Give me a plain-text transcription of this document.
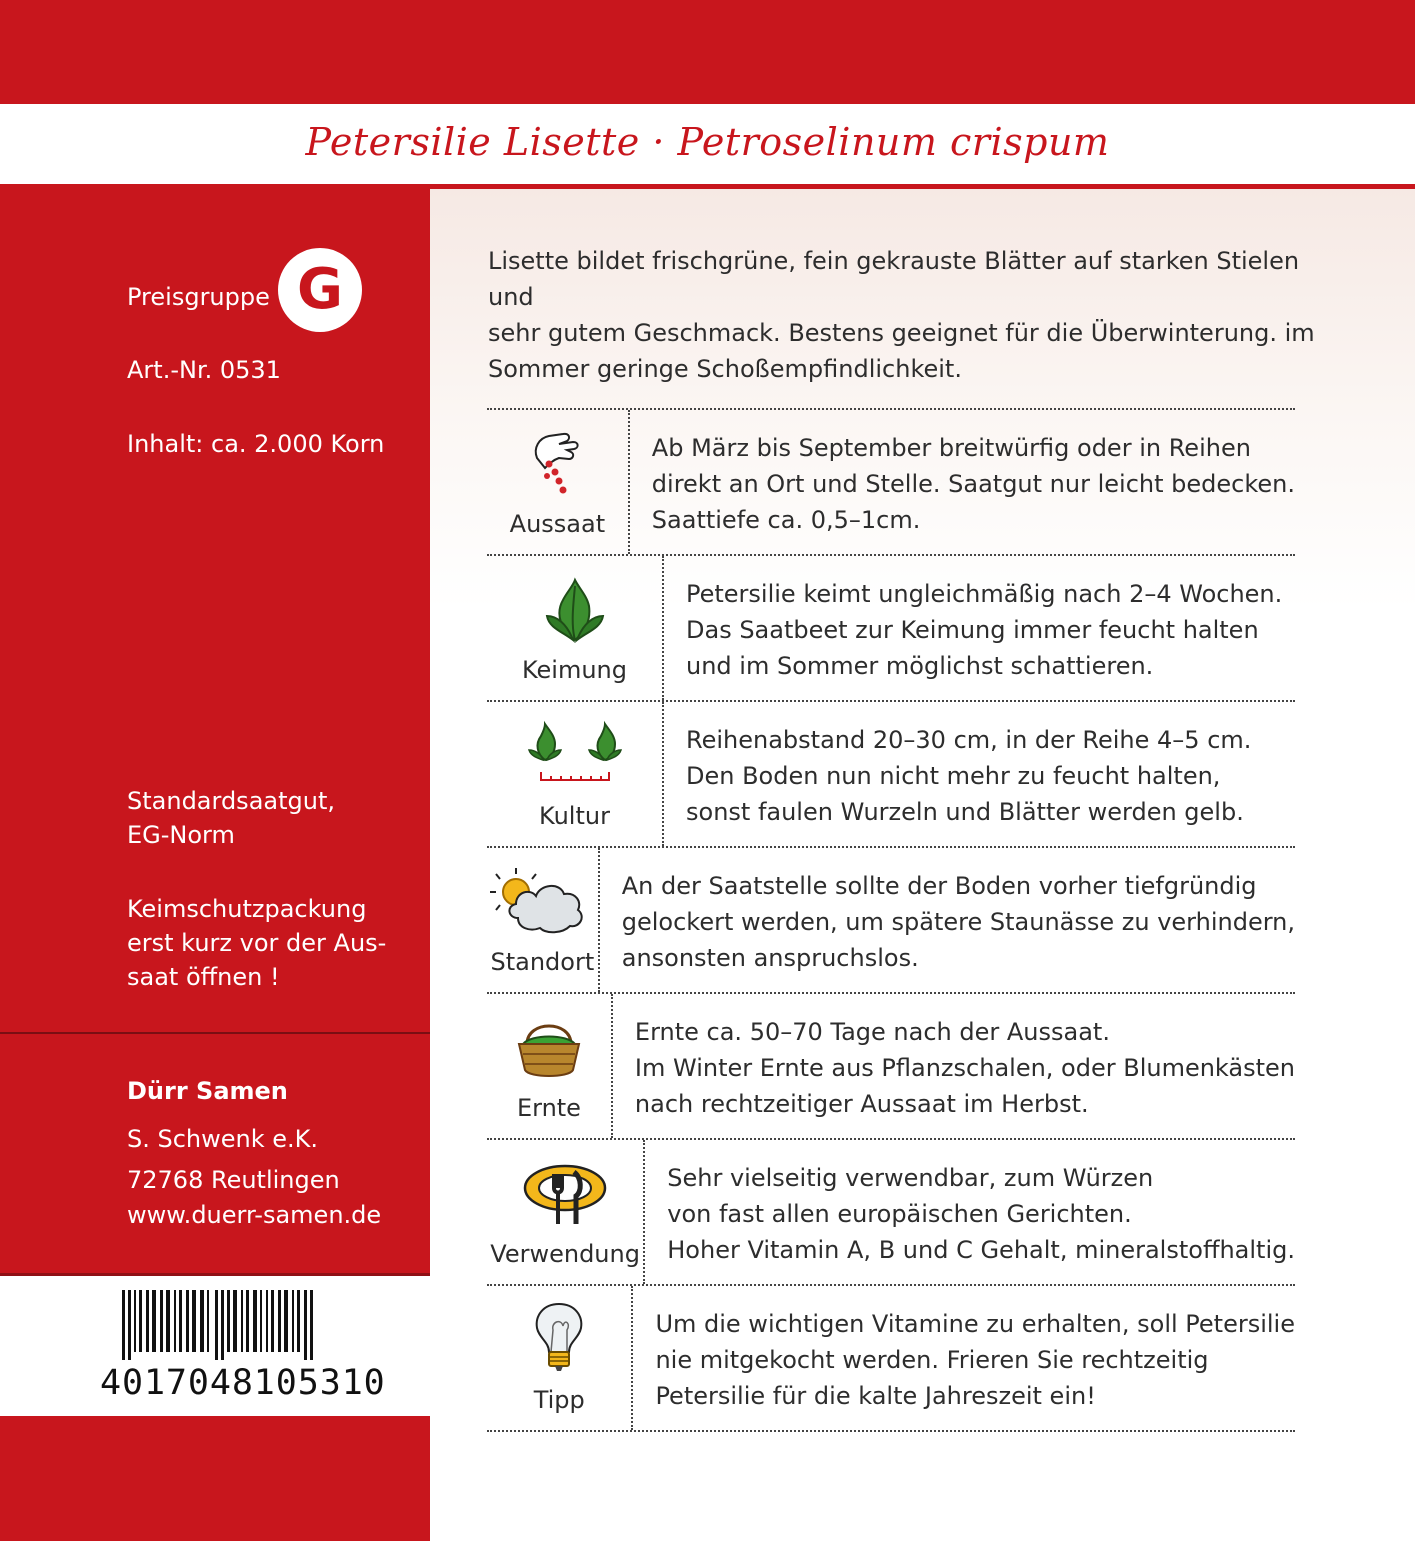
Petersilie Lisette · Petroselinum crispum
Preisgruppe G
Art.-Nr. 0531
Inhalt: ca. 2.000 Korn
Standardsaatgut,
EG-Norm
Keimschutzpackung
erst kurz vor der Aus-
saat öffnen !
Dürr Samen
S. Schwenk e.K.
72768 Reutlingen
www.duerr-samen.de
4017048105310
Lisette bildet frischgrüne, fein gekrauste Blätter auf starken Stielen und
sehr gutem Geschmack. Bestens geeignet für die Überwinterung. im
Sommer geringe Schoßempfindlichkeit.
Aussaat
Ab März bis September breitwürfig oder in Reihen
direkt an Ort und Stelle. Saatgut nur leicht bedecken.
Saattiefe ca. 0,5–1cm.
Keimung
Petersilie keimt ungleichmäßig nach 2–4 Wochen.
Das Saatbeet zur Keimung immer feucht halten
und im Sommer möglichst schattieren.
Kultur
Reihenabstand 20–30 cm, in der Reihe 4–5 cm.
Den Boden nun nicht mehr zu feucht halten,
sonst faulen Wurzeln und Blätter werden gelb.
Standort
An der Saatstelle sollte der Boden vorher tiefgründig
gelockert werden, um spätere Staunässe zu verhindern,
ansonsten anspruchslos.
Ernte
Ernte ca. 50–70 Tage nach der Aussaat.
Im Winter Ernte aus Pflanzschalen, oder Blumenkästen
nach rechtzeitiger Aussaat im Herbst.
Verwendung
Sehr vielseitig verwendbar, zum Würzen
von fast allen europäischen Gerichten.
Hoher Vitamin A, B und C Gehalt, mineralstoffhaltig.
Tipp
Um die wichtigen Vitamine zu erhalten, soll Petersilie
nie mitgekocht werden. Frieren Sie rechtzeitig
Petersilie für die kalte Jahreszeit ein!
